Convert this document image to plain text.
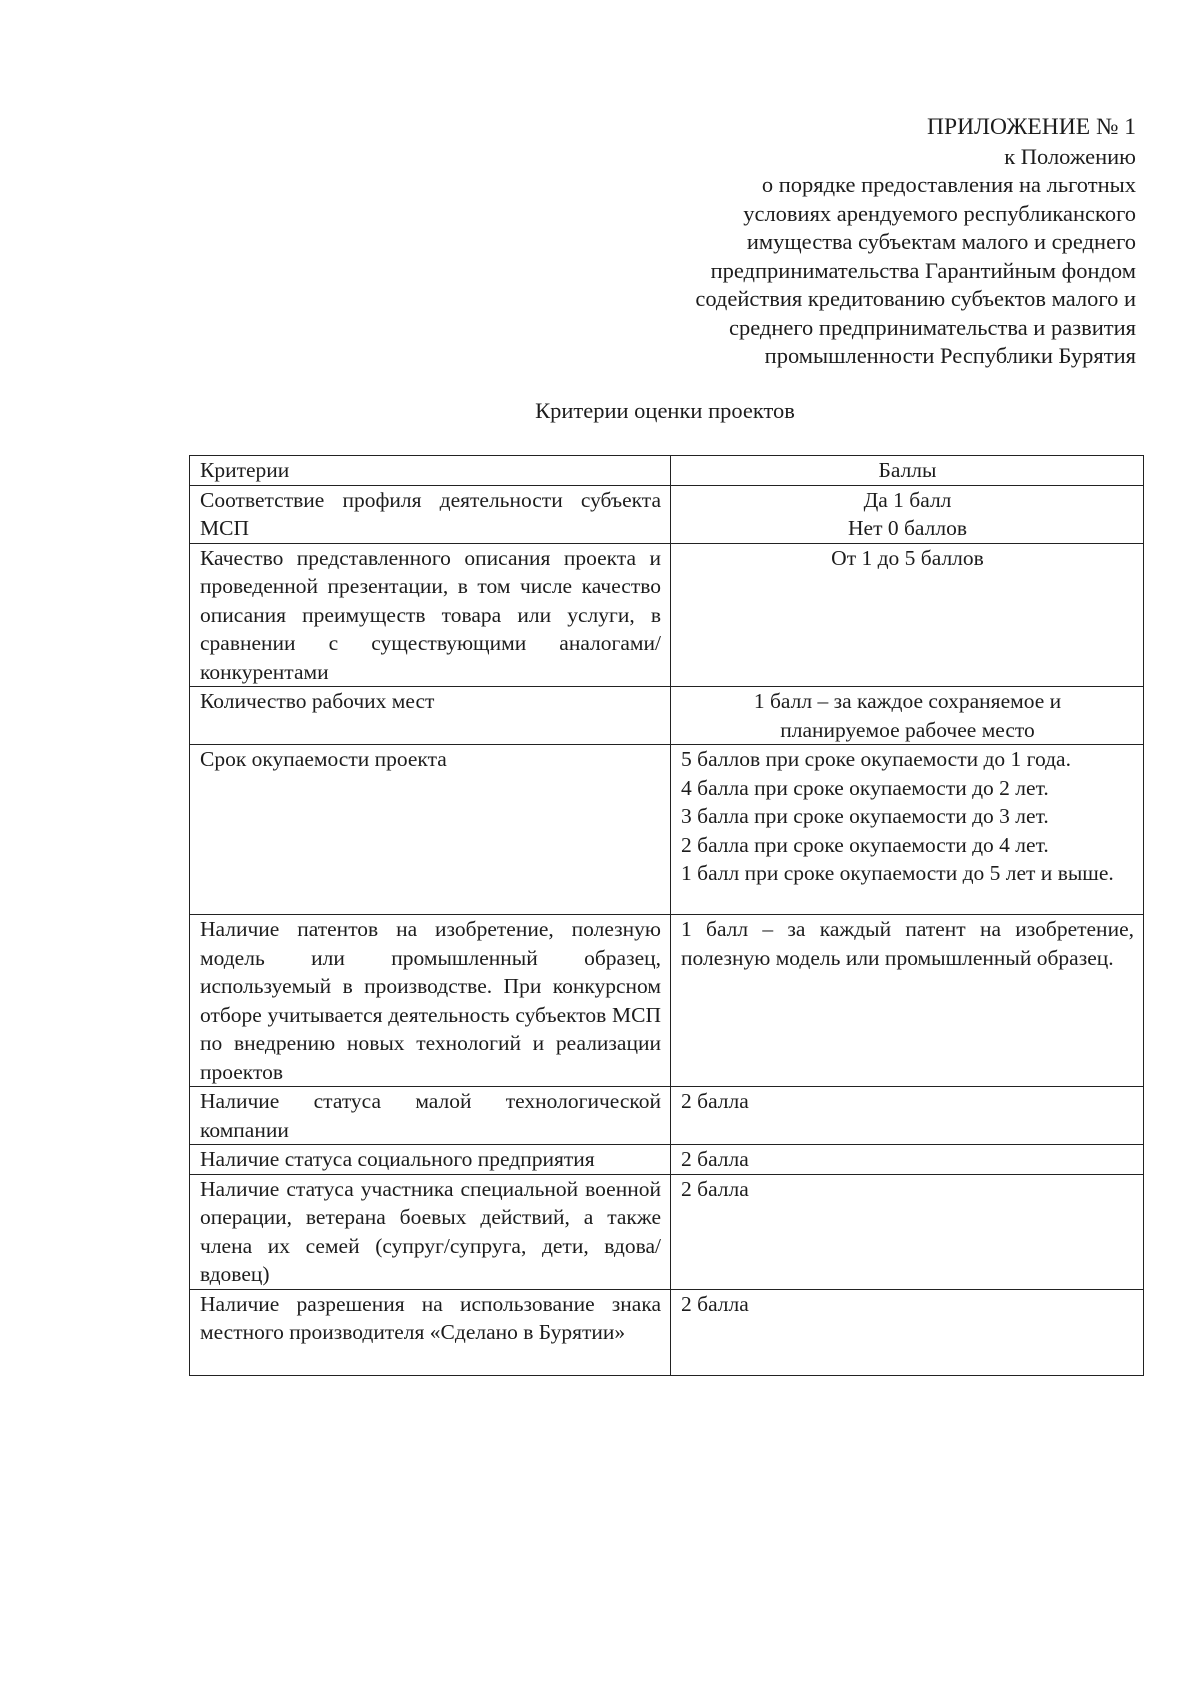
ПРИЛОЖЕНИЕ № 1
к Положению
о порядке предоставления на льготных
условиях арендуемого республиканского
имущества субъектам малого и среднего
предпринимательства Гарантийным фондом
содействия кредитованию субъектов малого и
среднего предпринимательства и развития
промышленности Республики Бурятия
Критерии оценки проектов
Критерии	Баллы
Соответствие профиля деятельности субъекта МСП	Да 1 балл
Нет 0 баллов

Качество представленного описания проекта и проведенной презентации, в том числе качество описания преимуществ товара или услуги, в сравнении с существующими аналогами/конкурентами	От 1 до 5 баллов

Количество рабочих мест	1 балл – за каждое сохраняемое и
планируемое рабочее место

Срок окупаемости проекта	5 баллов при сроке окупаемости до 1 года.
4 балла при сроке окупаемости до 2 лет.
3 балла при сроке окупаемости до 3 лет.
2 балла при сроке окупаемости до 4 лет.
1 балл при сроке окупаемости до 5 лет и выше.

Наличие патентов на изобретение, полезную модель или промышленный образец, используемый в производстве. При конкурсном отборе учитывается деятельность субъектов МСП по внедрению новых технологий и реализации проектов	1 балл – за каждый патент на изобретение, полезную модель или промышленный образец.

Наличие статуса малой технологической компании	2 балла

Наличие статуса социального предприятия	2 балла

Наличие статуса участника специальной военной операции, ветерана боевых действий, а также члена их семей (супруг/супруга, дети, вдова/вдовец)	2 балла

Наличие разрешения на использование знака местного производителя «Сделано в Бурятии»	2 балла
